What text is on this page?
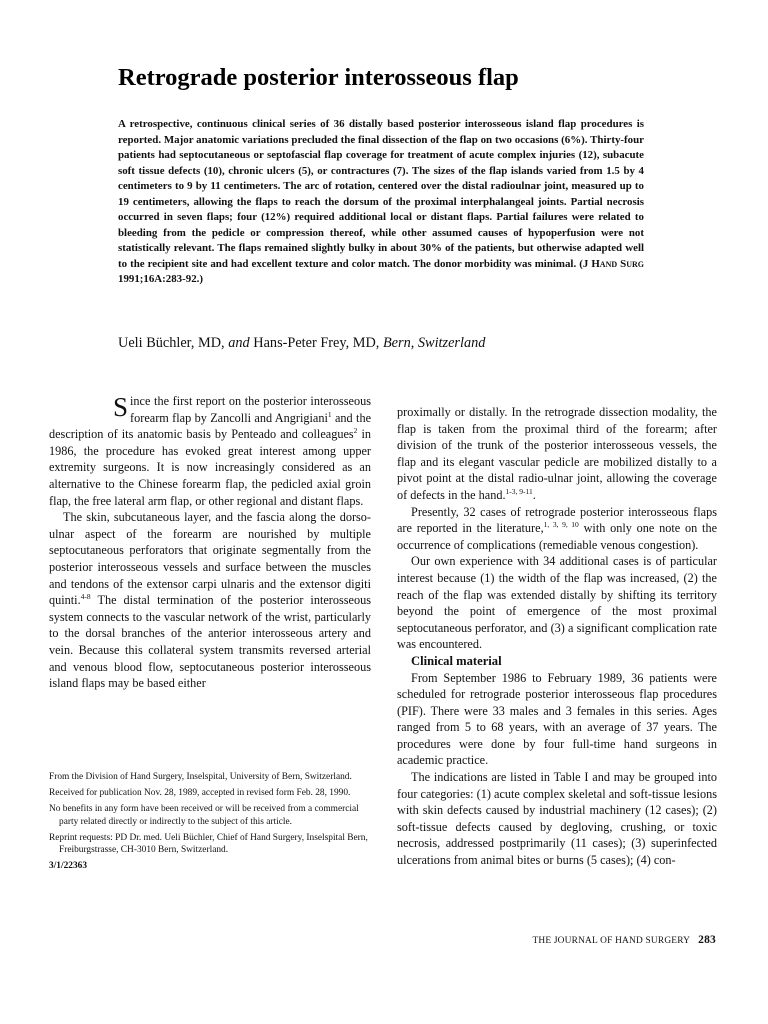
Retrograde posterior interosseous flap

A retrospective, continuous clinical series of 36 distally based posterior interosseous island flap procedures is reported. Major anatomic variations precluded the final dissection of the flap on two occasions (6%). Thirty-four patients had septocutaneous or septofascial flap coverage for treatment of acute complex injuries (12), subacute soft tissue defects (10), chronic ulcers (5), or contractures (7). The sizes of the flap islands varied from 1.5 by 4 centimeters to 9 by 11 centimeters. The arc of rotation, centered over the distal radioulnar joint, measured up to 19 centimeters, allowing the flaps to reach the dorsum of the proximal interphalangeal joints. Partial necrosis occurred in seven flaps; four (12%) required additional local or distant flaps. Partial failures were related to bleeding from the pedicle or compression thereof, while other assumed causes of hypoperfusion were not statistically relevant. The flaps remained slightly bulky in about 30% of the patients, but otherwise adapted well to the recipient site and had excellent texture and color match. The donor morbidity was minimal. (J Hand Surg 1991;16A:283-92.)

Ueli Büchler, MD, and Hans-Peter Frey, MD, Bern, Switzerland

Since the first report on the posterior interosseous forearm flap by Zancolli and Angrigiani$^1$ and the description of its anatomic basis by Penteado and colleagues$^2$ in 1986, the procedure has evoked great interest among upper extremity surgeons. It is now increasingly considered as an alternative to the Chinese forearm flap, the pedicled axial groin flap, the free lateral arm flap, or other regional and distant flaps.

The skin, subcutaneous layer, and the fascia along the dorso-ulnar aspect of the forearm are nourished by multiple septocutaneous perforators that originate segmentally from the posterior interosseous vessels and surface between the muscles and tendons of the extensor carpi ulnaris and the extensor digiti quinti.$^{4-8}$ The distal termination of the posterior interosseous system connects to the vascular network of the wrist, particularly to the dorsal branches of the anterior interosseous artery and vein. Because this collateral system transmits reversed arterial and venous blood flow, septocutaneous posterior interosseous island flaps may be based either

From the Division of Hand Surgery, Inselspital, University of Bern, Switzerland.

Received for publication Nov. 28, 1989, accepted in revised form Feb. 28, 1990.

No benefits in any form have been received or will be received from a commercial party related directly or indirectly to the subject of this article.

Reprint requests: PD Dr. med. Ueli Büchler, Chief of Hand Surgery, Inselspital Bern, Freiburgstrasse, CH-3010 Bern, Switzerland.

3/1/22363

proximally or distally. In the retrograde dissection modality, the flap is taken from the proximal third of the forearm; after division of the trunk of the posterior interosseous vessels, the flap and its elegant vascular pedicle are mobilized distally to a pivot point at the distal radio-ulnar joint, allowing the coverage of defects in the hand.$^{1-3, 9-11}$.

Presently, 32 cases of retrograde posterior interosseous flaps are reported in the literature,$^{1, 3, 9, 10}$ with only one note on the occurrence of complications (remediable venous congestion).

Our own experience with 34 additional cases is of particular interest because (1) the width of the flap was increased, (2) the reach of the flap was extended distally by shifting its territory beyond the point of emergence of the most proximal septocutaneous perforator, and (3) a significant complication rate was encountered.

Clinical material

From September 1986 to February 1989, 36 patients were scheduled for retrograde posterior interosseous flap procedures (PIF). There were 33 males and 3 females in this series. Ages ranged from 5 to 68 years, with an average of 37 years. The procedures were done by four full-time hand surgeons in academic practice.

The indications are listed in Table I and may be grouped into four categories: (1) acute complex skeletal and soft-tissue lesions with skin defects caused by industrial machinery (12 cases); (2) soft-tissue defects caused by degloving, crushing, or toxic necrosis, addressed postprimarily (11 cases); (3) superinfected ulcerations from animal bites or burns (5 cases); (4) con-

THE JOURNAL OF HAND SURGERY 283
